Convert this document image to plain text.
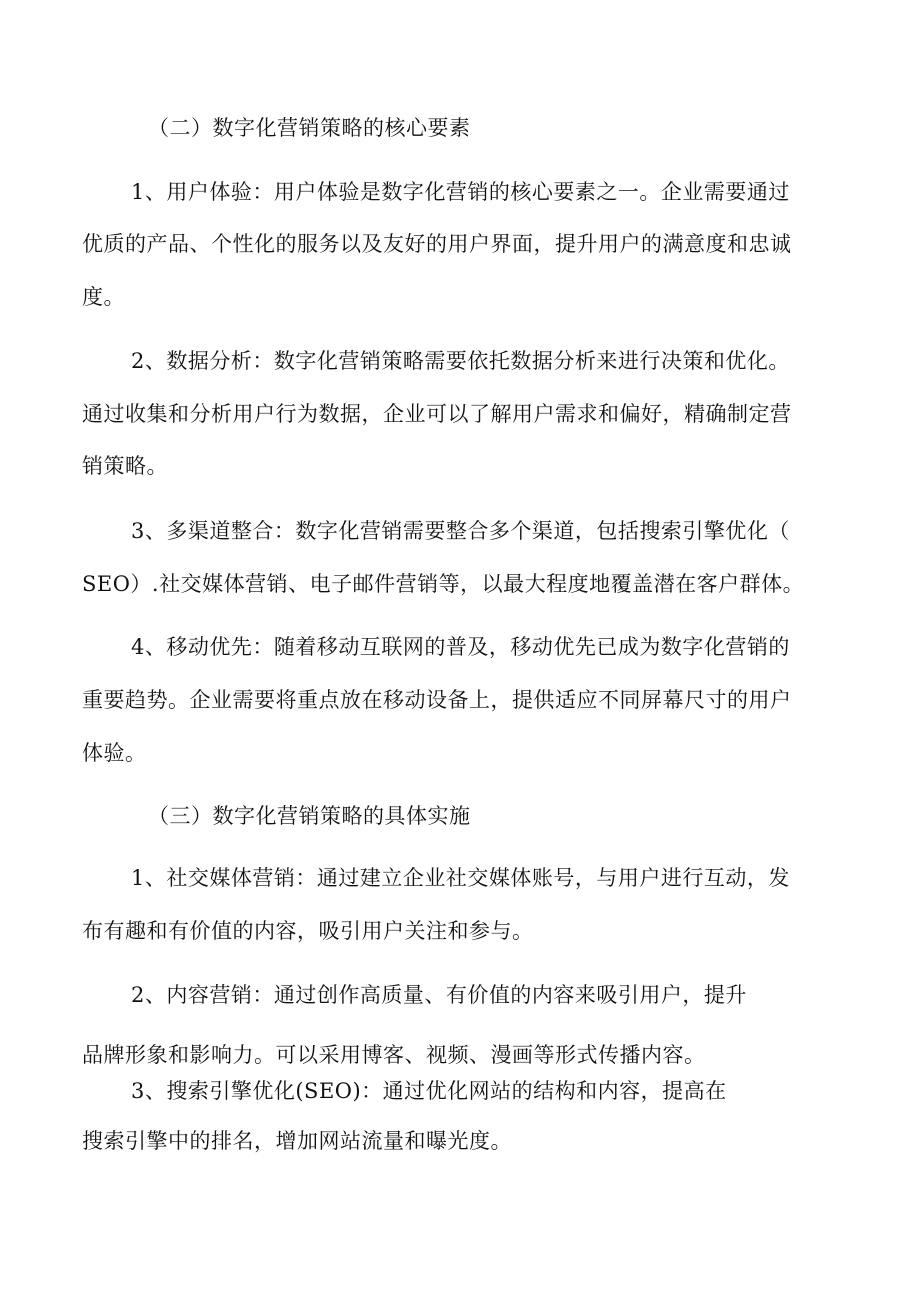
（二）数字化营销策略的核心要素

1、用户体验：用户体验是数字化营销的核心要素之一。企业需要通过

优质的产品、个性化的服务以及友好的用户界面，提升用户的满意度和忠诚

度。

2、数据分析：数字化营销策略需要依托数据分析来进行决策和优化。

通过收集和分析用户行为数据，企业可以了解用户需求和偏好，精确制定营

销策略。

3、多渠道整合：数字化营销需要整合多个渠道，包括搜索引擎优化（

SEO）.社交媒体营销、电子邮件营销等，以最大程度地覆盖潜在客户群体。

4、移动优先：随着移动互联网的普及，移动优先已成为数字化营销的

重要趋势。企业需要将重点放在移动设备上，提供适应不同屏幕尺寸的用户

体验。

（三）数字化营销策略的具体实施

1、社交媒体营销：通过建立企业社交媒体账号，与用户进行互动，发

布有趣和有价值的内容，吸引用户关注和参与。

2、内容营销：通过创作高质量、有价值的内容来吸引用户，提升

品牌形象和影响力。可以采用博客、视频、漫画等形式传播内容。

3、搜索引擎优化(SEO)：通过优化网站的结构和内容，提高在

搜索引擎中的排名，增加网站流量和曝光度。
